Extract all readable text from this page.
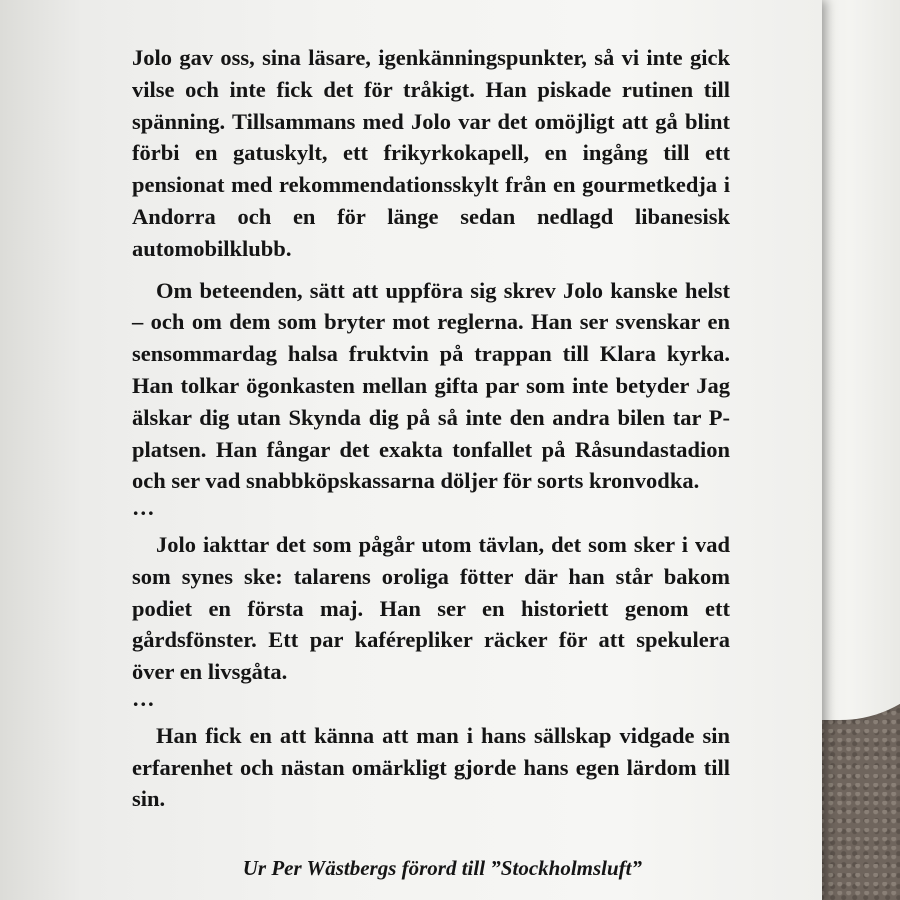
Jolo gav oss, sina läsare, igenkänningspunkter, så vi inte gick vilse och inte fick det för tråkigt. Han piskade rutinen till spänning. Tillsammans med Jolo var det omöjligt att gå blint förbi en gatuskylt, ett frikyrkokapell, en ingång till ett pensionat med rekommendationsskylt från en gourmetkedja i Andorra och en för länge sedan nedlagd libanesisk automobilklubb.

Om beteenden, sätt att uppföra sig skrev Jolo kanske helst – och om dem som bryter mot reglerna. Han ser svenskar en sensommardag halsa fruktvin på trappan till Klara kyrka. Han tolkar ögonkasten mellan gifta par som inte betyder Jag älskar dig utan Skynda dig på så inte den andra bilen tar P-platsen. Han fångar det exakta tonfallet på Råsundastadion och ser vad snabbköpskassarna döljer för sorts kronvodka.

…

Jolo iakttar det som pågår utom tävlan, det som sker i vad som synes ske: talarens oroliga fötter där han står bakom podiet en första maj. Han ser en historiett genom ett gårdsfönster. Ett par kaférepliker räcker för att spekulera över en livsgåta.

…

Han fick en att känna att man i hans sällskap vidgade sin erfarenhet och nästan omärkligt gjorde hans egen lärdom till sin.

Ur Per Wästbergs förord till ”Stockholmsluft”
